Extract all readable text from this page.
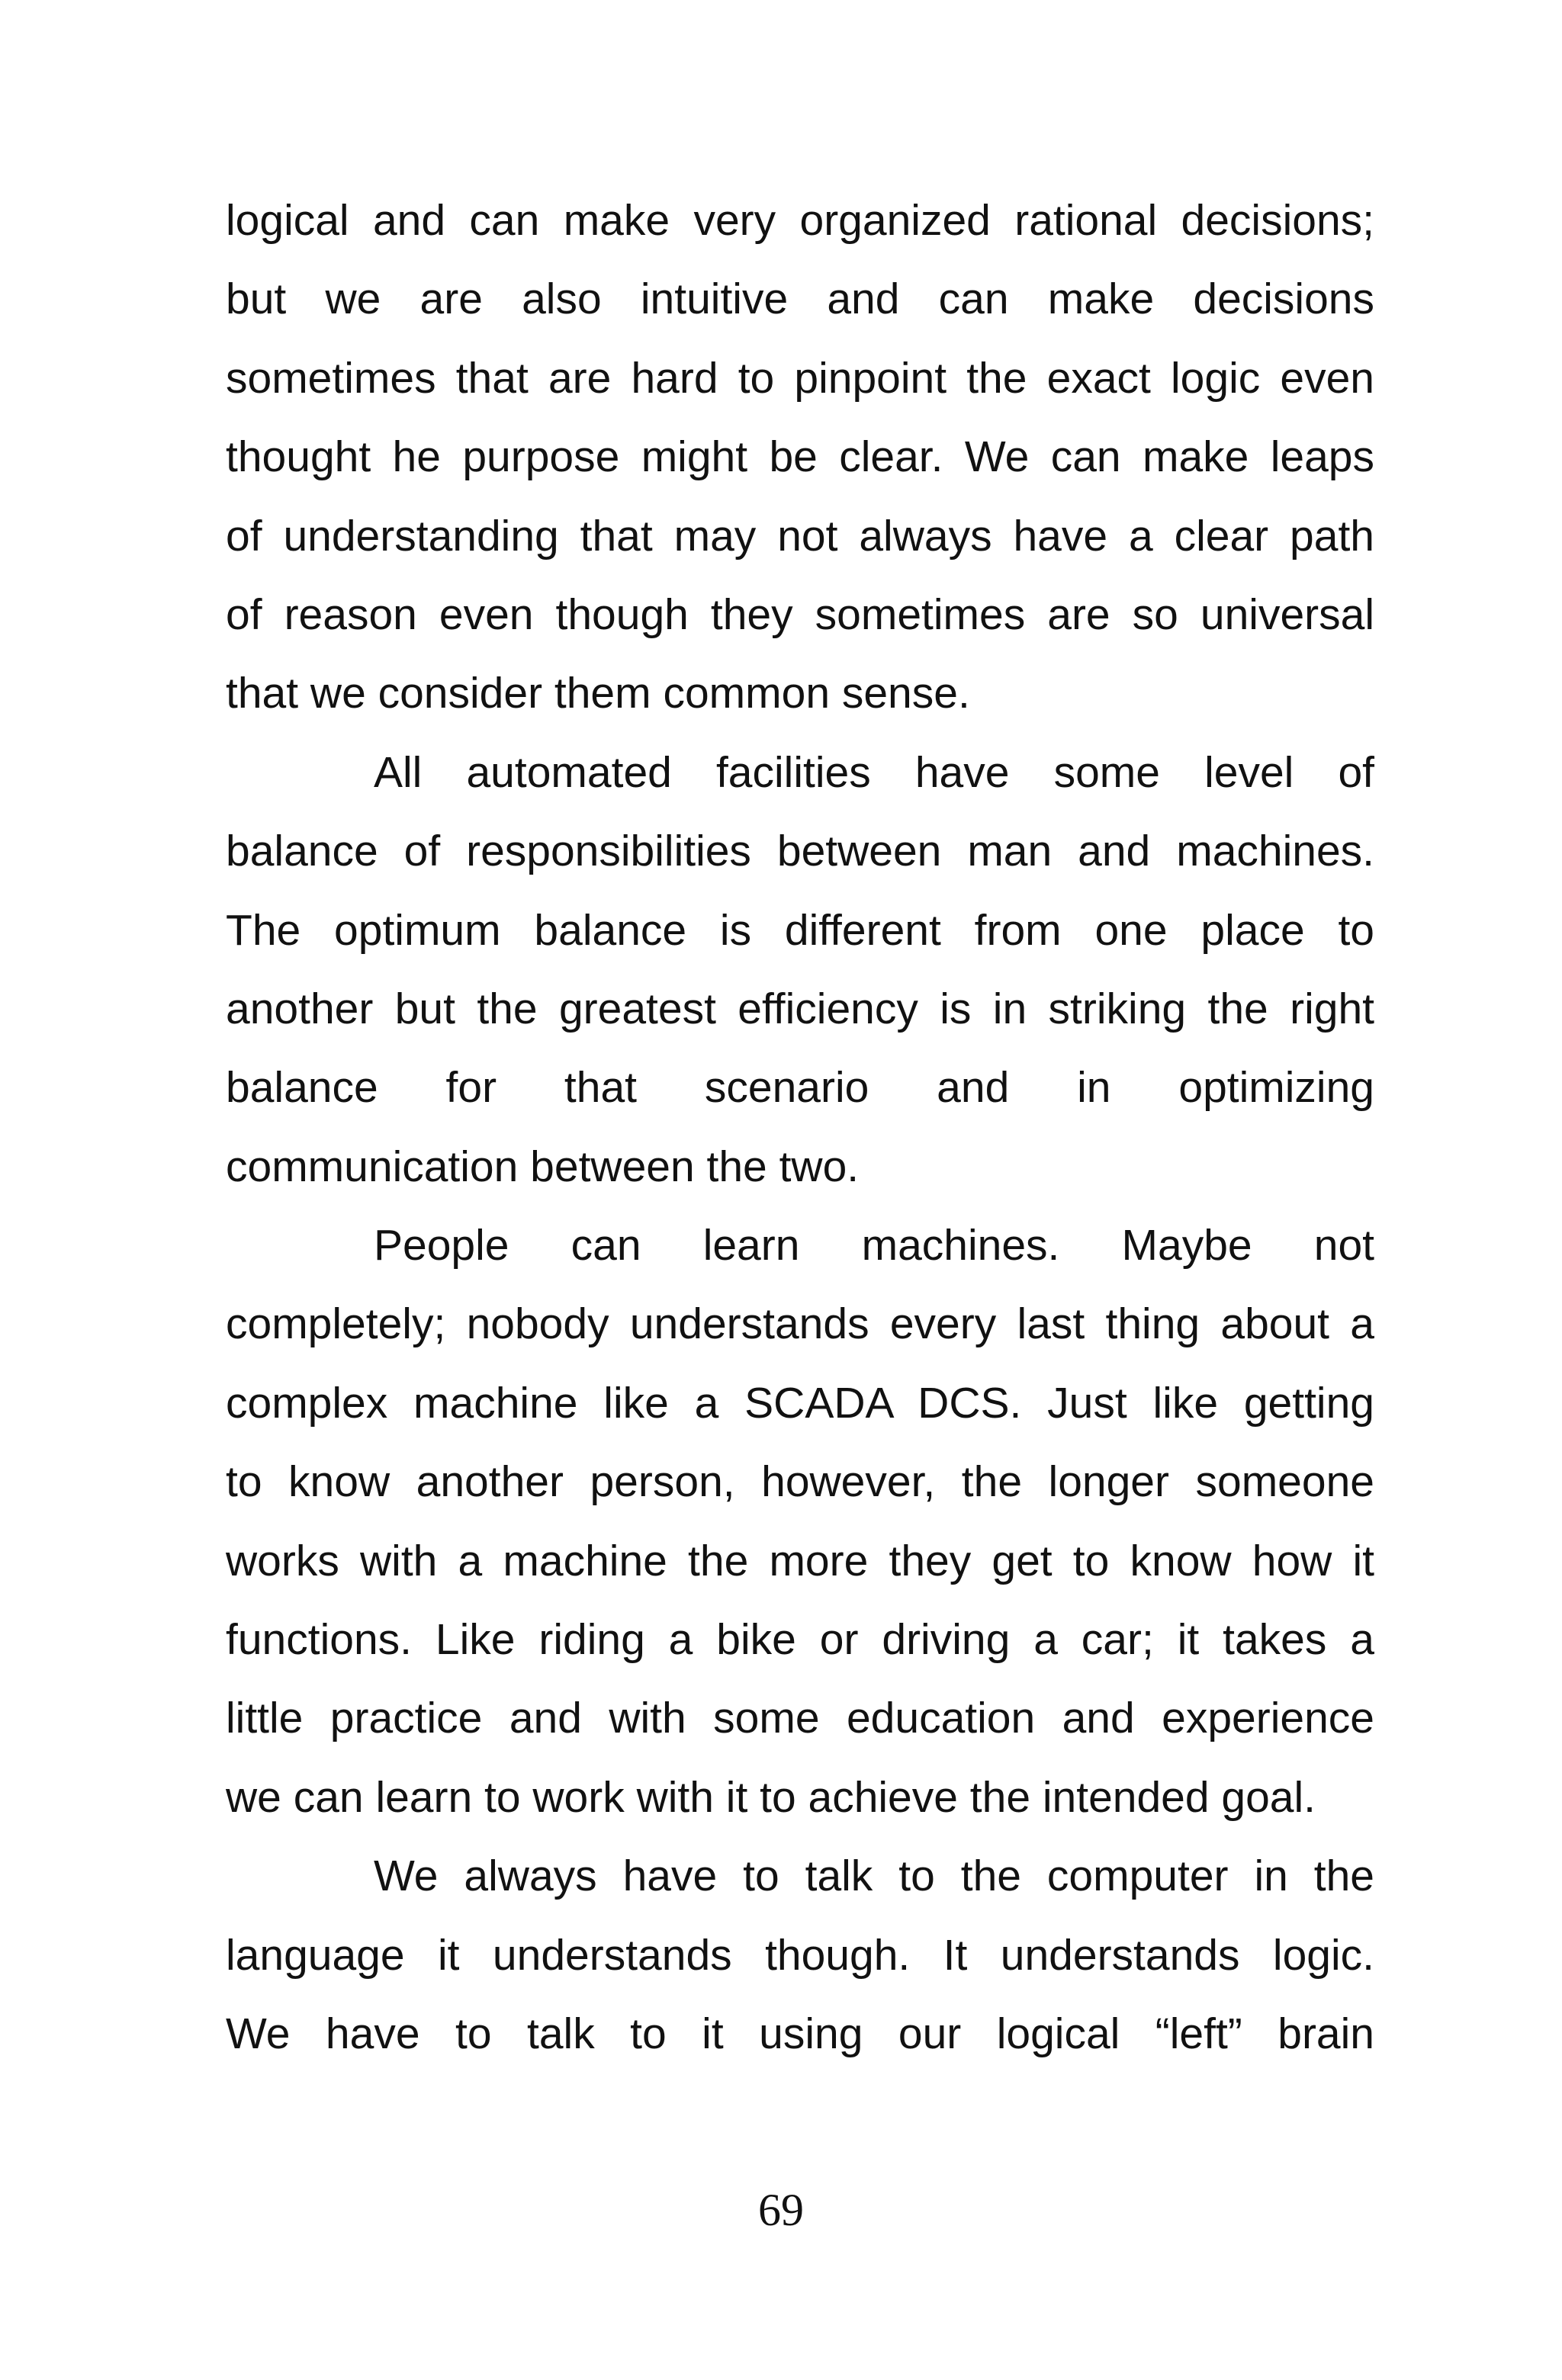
logical and can make very organized rational decisions;
but we are also intuitive and can make decisions
sometimes that are hard to pinpoint the exact logic even
thought he purpose might be clear. We can make leaps
of understanding that may not always have a clear path
of reason even though they sometimes are so universal
that we consider them common sense.

All automated facilities have some level of
balance of responsibilities between man and machines.
The optimum balance is different from one place to
another but the greatest efficiency is in striking the right
balance for that scenario and in optimizing
communication between the two.

People can learn machines. Maybe not
completely; nobody understands every last thing about a
complex machine like a SCADA DCS. Just like getting
to know another person, however, the longer someone
works with a machine the more they get to know how it
functions. Like riding a bike or driving a car; it takes a
little practice and with some education and experience
we can learn to work with it to achieve the intended goal.

We always have to talk to the computer in the
language it understands though. It understands logic.
We have to talk to it using our logical “left” brain

69
